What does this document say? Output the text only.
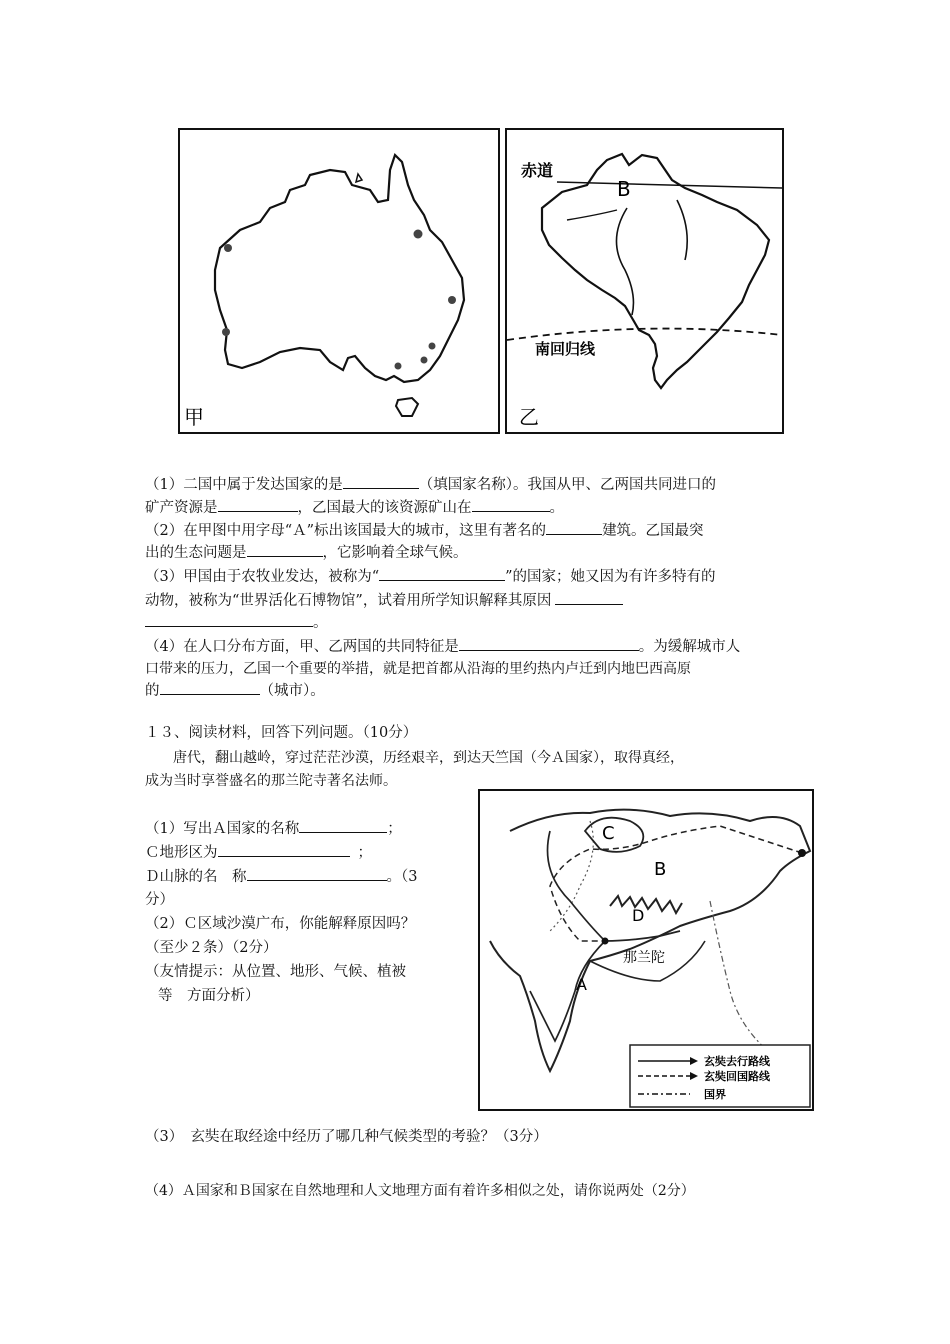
甲
赤道
B
南回归线
乙

（1）二国中属于发达国家的是	（填国家名称）。我国从甲、乙两国共同进口的

矿产资源是	，乙国最大的该资源矿山在	。

（2）在甲图中用字母“Ａ”标出该国最大的城市，这里有著名的	建筑。乙国最突

出的生态问题是	，它影响着全球气候。

（3）甲国由于农牧业发达，被称为“	”的国家；她又因为有许多特有的

动物，被称为“世界活化石博物馆”，试着用所学知识解释其原因

。

（4）在人口分布方面，甲、乙两国的共同特征是	。为缓解城市人

口带来的压力，乙国一个重要的举措，就是把首都从沿海的里约热内卢迁到内地巴西高原

的	（城市）。

１３、阅读材料，回答下列问题。（10分）

唐代，翻山越岭，穿过茫茫沙漠，历经艰辛，到达天竺国（今Ａ国家），取得真经，

成为当时享誉盛名的那兰陀寺著名法师。

（1）写出Ａ国家的名称	；

Ｃ地形区为	；

Ｄ山脉的名　称	。（3

分）

（2）Ｃ区域沙漠广布，你能解释原因吗？

（至少２条）（2分）

（友情提示：从位置、地形、气候、植被

等　方面分析）

C
B
D
A
那兰陀
玄奘去行路线
玄奘回国路线
国界

（3）　玄奘在取经途中经历了哪几种气候类型的考验？（3分）

（4）Ａ国家和Ｂ国家在自然地理和人文地理方面有着许多相似之处，请你说两处（2分）
